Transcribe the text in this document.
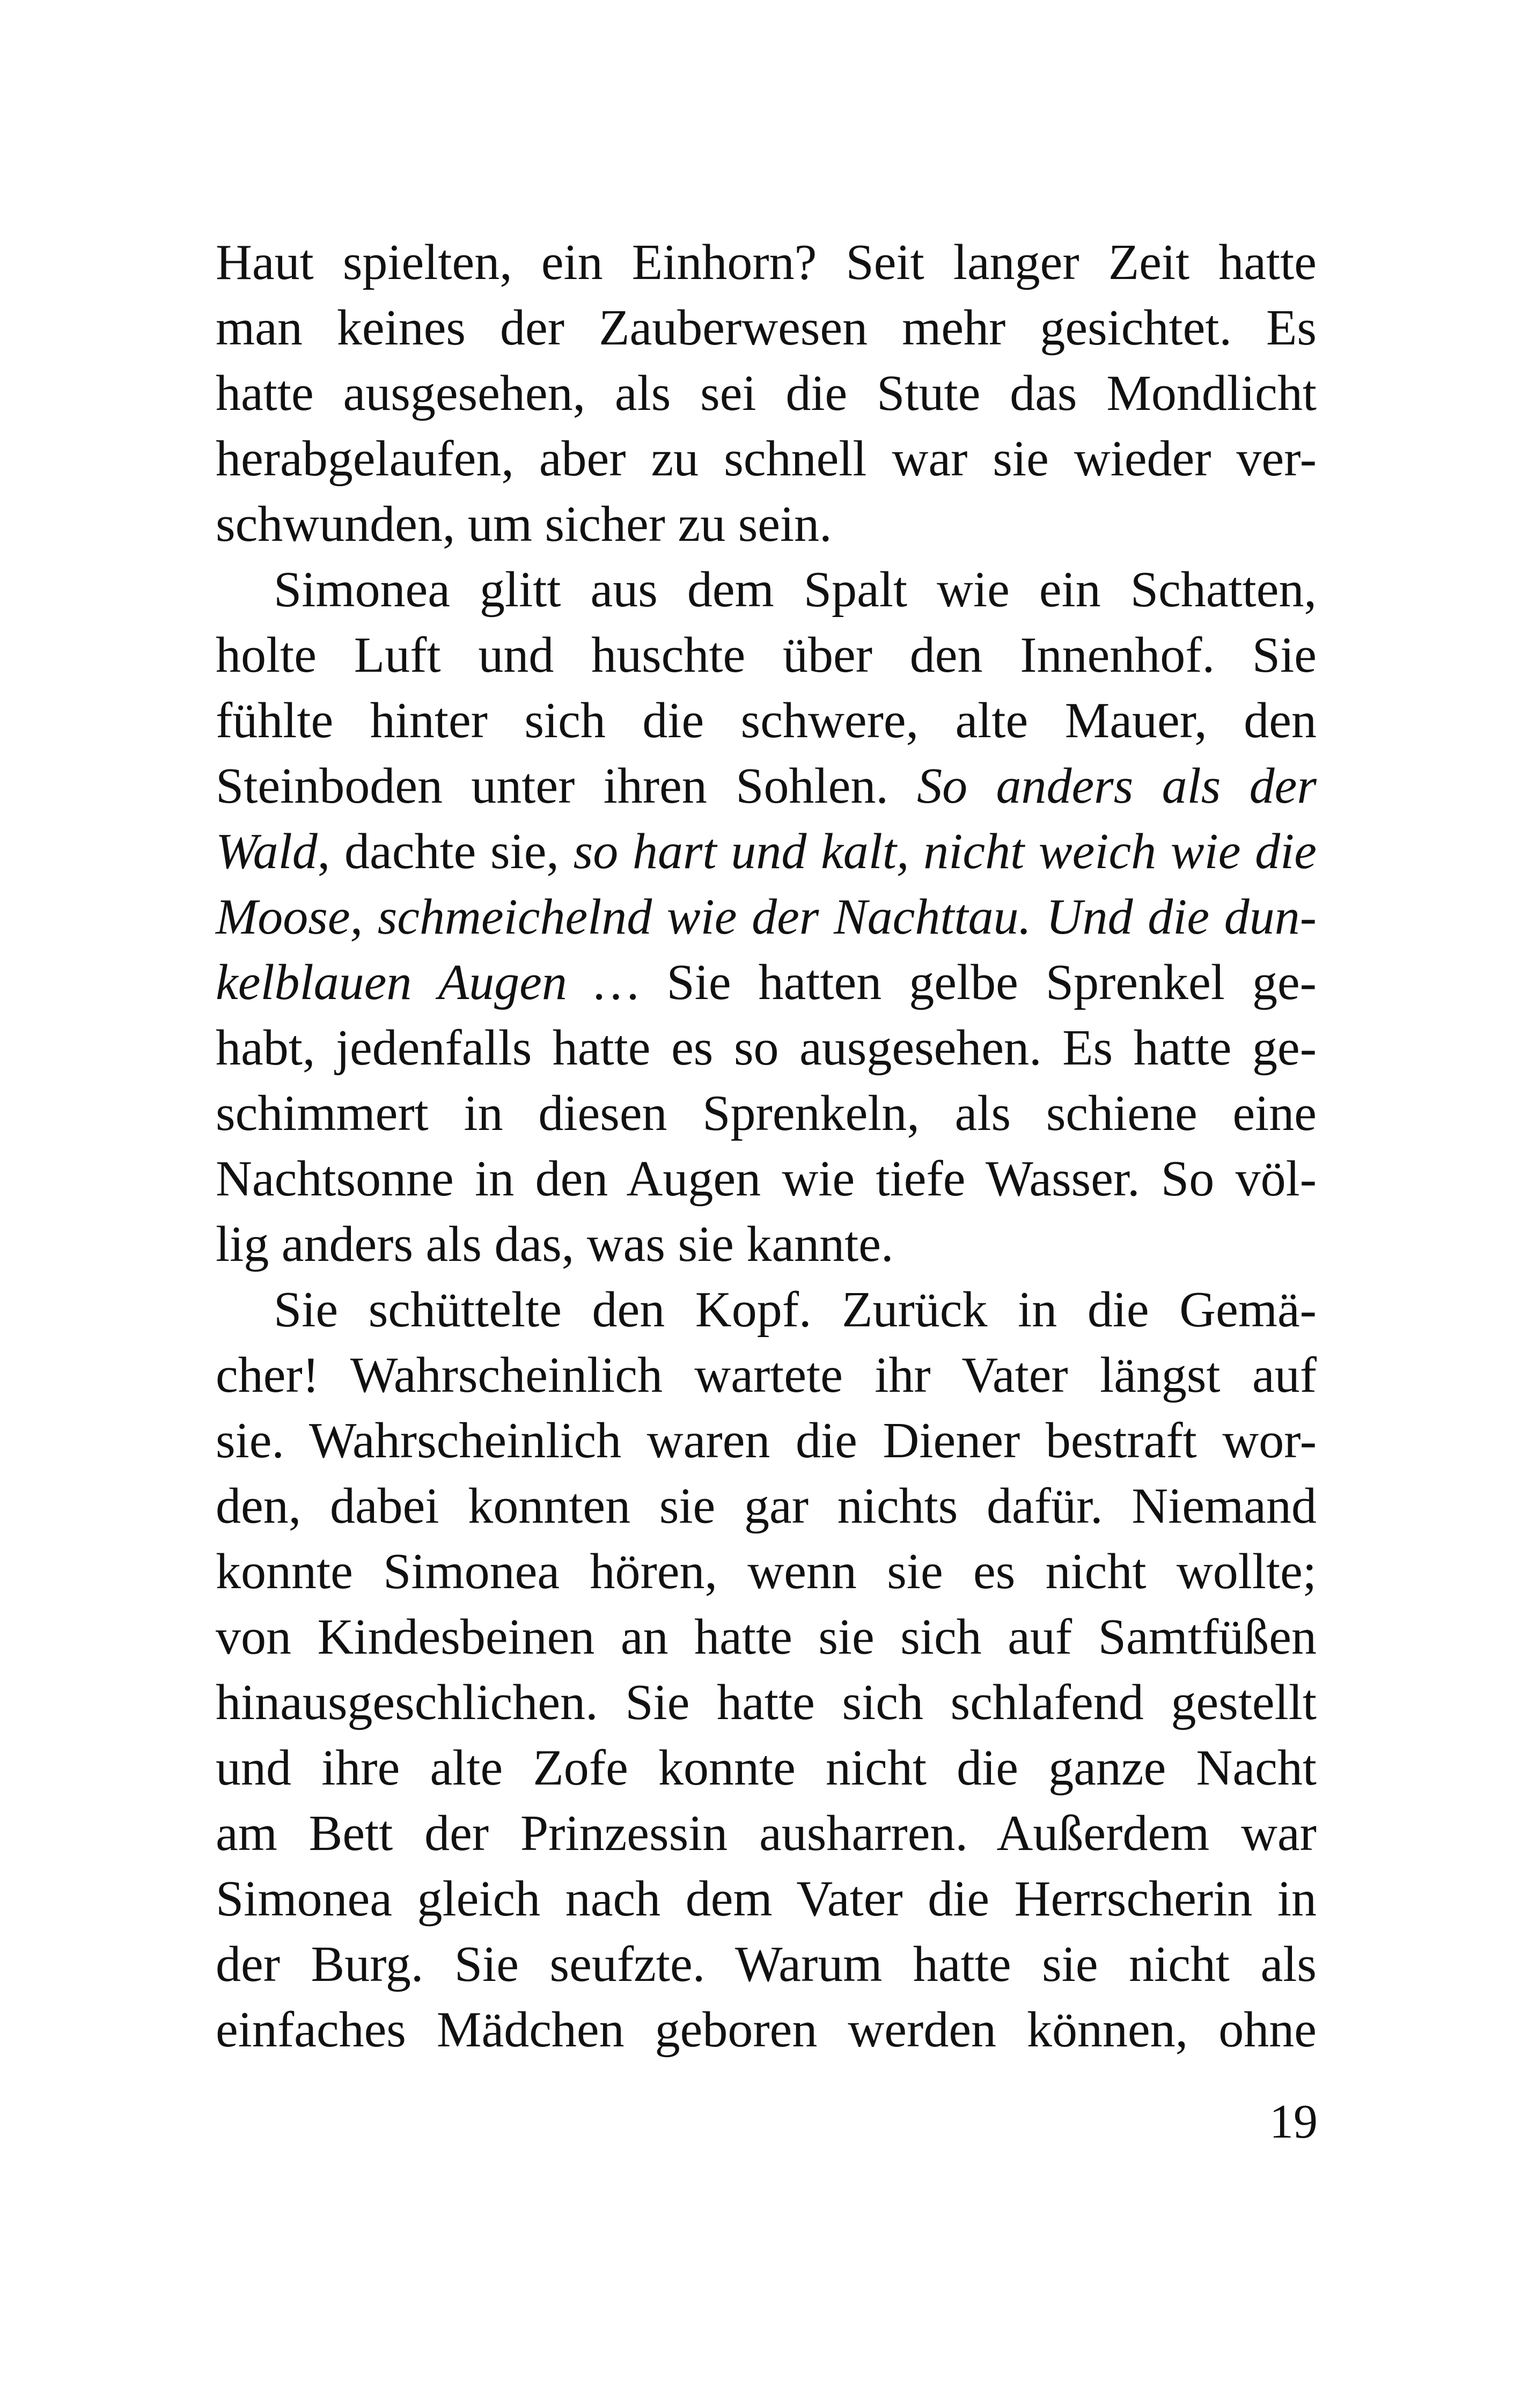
Haut spielten, ein Einhorn? Seit langer Zeit hatte
man keines der Zauberwesen mehr gesichtet. Es
hatte ausgesehen, als sei die Stute das Mondlicht
herabgelaufen, aber zu schnell war sie wieder ver-
schwunden, um sicher zu sein.
Simonea glitt aus dem Spalt wie ein Schatten,
holte Luft und huschte über den Innenhof. Sie
fühlte hinter sich die schwere, alte Mauer, den
Steinboden unter ihren Sohlen. So anders als der
Wald, dachte sie, so hart und kalt, nicht weich wie die
Moose, schmeichelnd wie der Nachttau. Und die dun-
kelblauen Augen … Sie hatten gelbe Sprenkel ge-
habt, jedenfalls hatte es so ausgesehen. Es hatte ge-
schimmert in diesen Sprenkeln, als schiene eine
Nachtsonne in den Augen wie tiefe Wasser. So völ-
lig anders als das, was sie kannte.
Sie schüttelte den Kopf. Zurück in die Gemä-
cher! Wahrscheinlich wartete ihr Vater längst auf
sie. Wahrscheinlich waren die Diener bestraft wor-
den, dabei konnten sie gar nichts dafür. Niemand
konnte Simonea hören, wenn sie es nicht wollte;
von Kindesbeinen an hatte sie sich auf Samtfüßen
hinausgeschlichen. Sie hatte sich schlafend gestellt
und ihre alte Zofe konnte nicht die ganze Nacht
am Bett der Prinzessin ausharren. Außerdem war
Simonea gleich nach dem Vater die Herrscherin in
der Burg. Sie seufzte. Warum hatte sie nicht als
einfaches Mädchen geboren werden können, ohne
19
